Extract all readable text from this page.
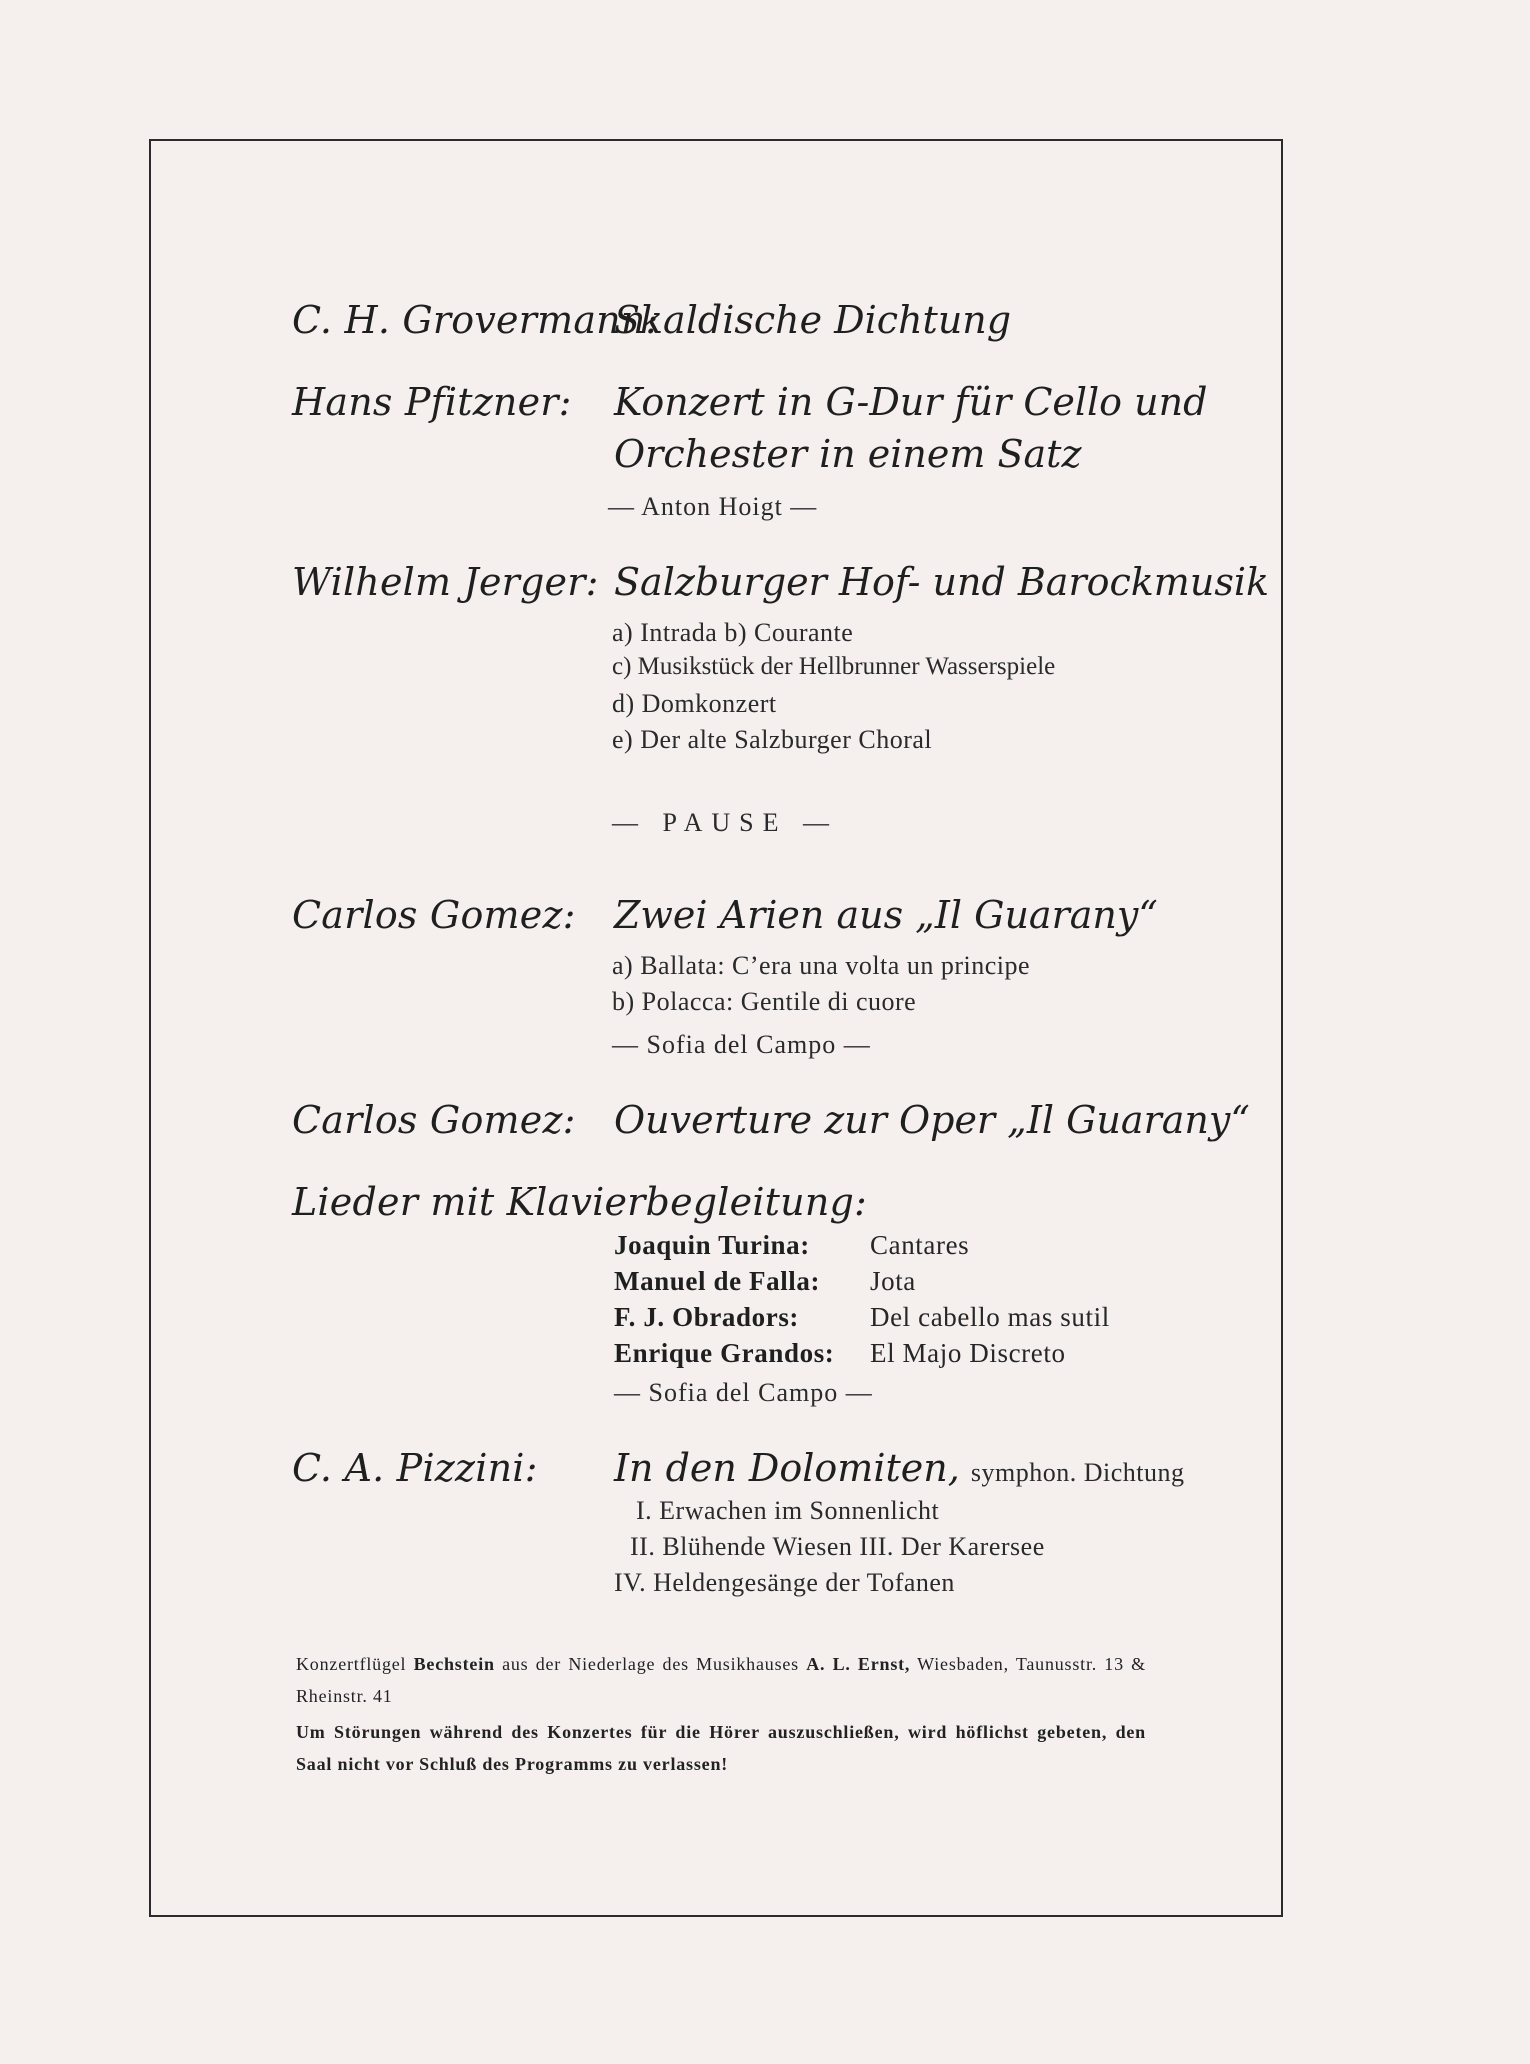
C. H. Grovermann:
Skaldische Dichtung
Hans Pfitzner: Konzert in G-Dur für Cello und
Orchester in einem Satz
— Anton Hoigt —
Wilhelm Jerger: Salzburger Hof- und Barockmusik
a) Intrada b) Courante
c) Musikstück der Hellbrunner Wasserspiele
d) Domkonzert
e) Der alte Salzburger Choral
— PAUSE —
Carlos Gomez: Zwei Arien aus „Il Guarany“
a) Ballata: C’era una volta un principe
b) Polacca: Gentile di cuore
— Sofia del Campo —
Carlos Gomez: Ouverture zur Oper „Il Guarany“
Lieder mit Klavierbegleitung:
Joaquin Turina: Cantares
Manuel de Falla: Jota
F. J. Obradors:	Del cabello mas sutil
Enrique Grandos: El Majo Discreto
— Sofia del Campo —
C. A. Pizzini: In den Dolomiten, symphon. Dichtung
I. Erwachen im Sonnenlicht
II. Blühende Wiesen III. Der Karersee
IV. Heldengesänge der Tofanen
Konzertflügel Bechstein aus der Niederlage des Musikhauses A. L. Ernst, Wiesbaden, Taunusstr. 13 & Rheinstr. 41
Um Störungen während des Konzertes für die Hörer auszuschließen, wird höflichst gebeten, den Saal nicht vor Schluß des Programms zu verlassen!
